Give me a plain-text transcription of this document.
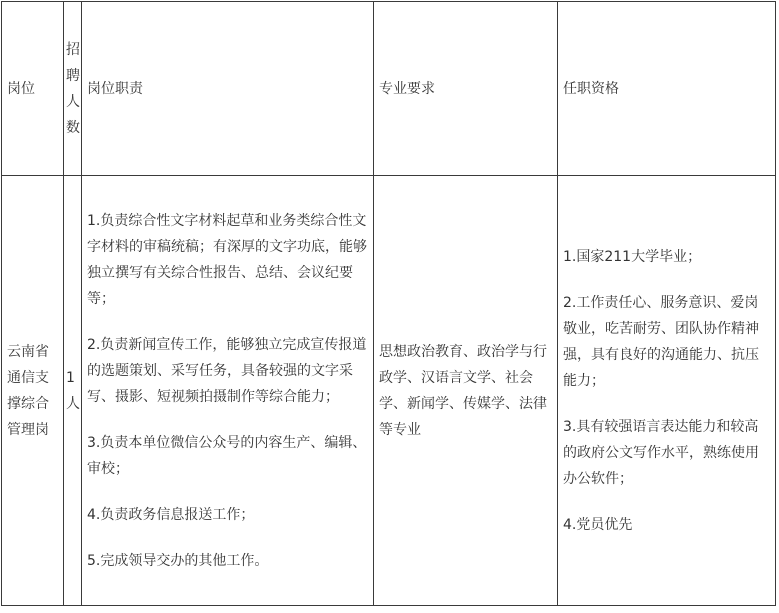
岗位	招聘人数	岗位职责	专业要求	任职资格

云南省通信支撑综合管理岗	1人	1.负责综合性文字材料起草和业务类综合性文字材料的审稿统稿；有深厚的文字功底，能够独立撰写有关综合性报告、总结、会议纪要等；
2.负责新闻宣传工作，能够独立完成宣传报道的选题策划、采写任务，具备较强的文字采写、摄影、短视频拍摄制作等综合能力；
3.负责本单位微信公众号的内容生产、编辑、审校；
4.负责政务信息报送工作；
5.完成领导交办的其他工作。	思想政治教育、政治学与行政学、汉语言文学、社会学、新闻学、传媒学、法律等专业	1.国家211大学毕业；
2.工作责任心、服务意识、爱岗敬业，吃苦耐劳、团队协作精神强，具有良好的沟通能力、抗压能力；
3.具有较强语言表达能力和较高的政府公文写作水平，熟练使用办公软件；
4.党员优先
